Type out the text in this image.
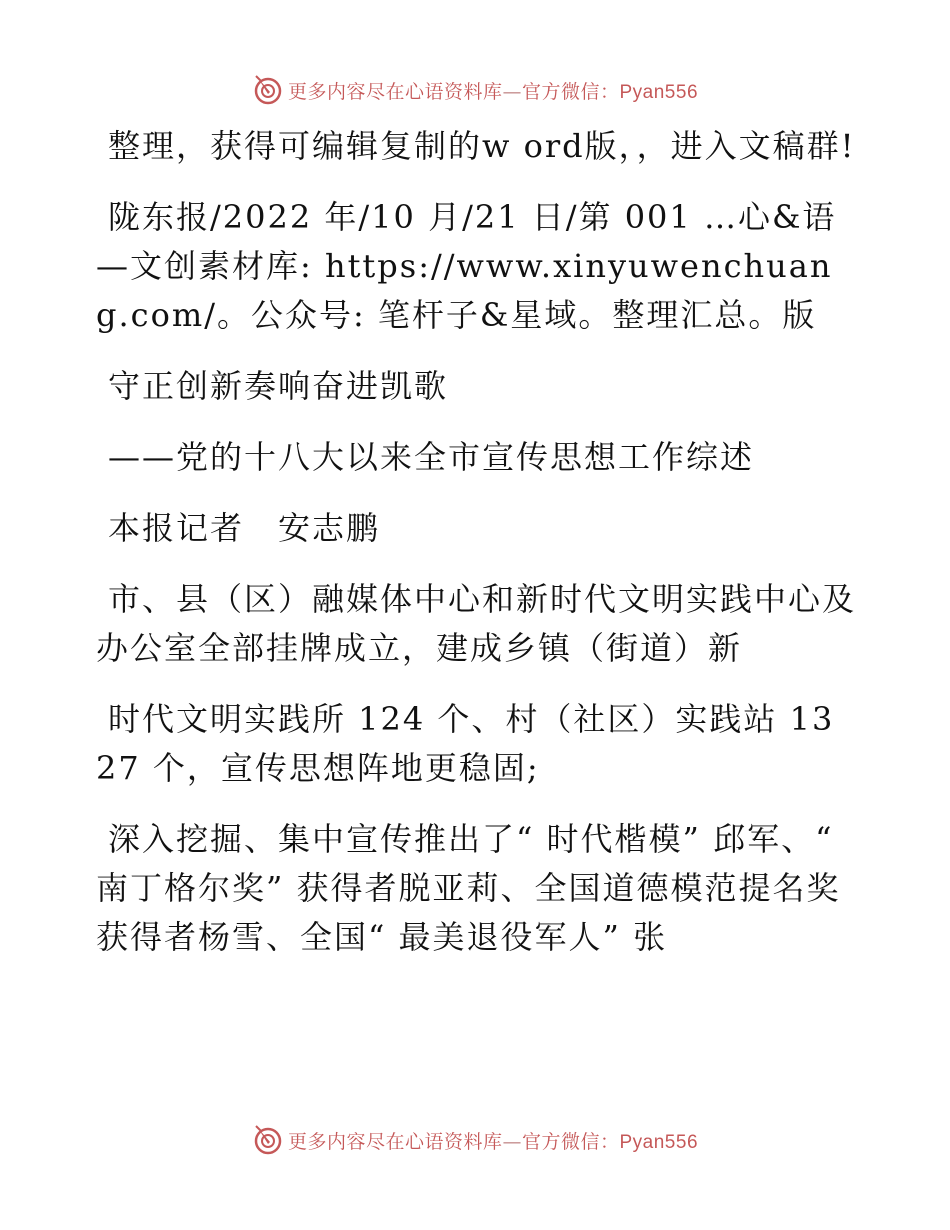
更多内容尽在心语资料库—官方微信：Pyan556

整理，获得可编辑复制的w ord版，，进入文稿群!

陇东报/2022 年/10 月/21 日/第 001 …心&语—文创素材库: https://www.xinyuwenchuang.com/。公众号: 笔杆子&星域。整理汇总。版

守正创新奏响奋进凯歌

——党的十八大以来全市宣传思想工作综述

本报记者　安志鹏

市、县（区）融媒体中心和新时代文明实践中心及办公室全部挂牌成立，建成乡镇（街道）新

时代文明实践所 124 个、村（社区）实践站 1327 个，宣传思想阵地更稳固;

深入挖掘、集中宣传推出了“ 时代楷模” 邱军、“ 南丁格尔奖” 获得者脱亚莉、全国道德模范提名奖获得者杨雪、全国“ 最美退役军人” 张

更多内容尽在心语资料库—官方微信：Pyan556
